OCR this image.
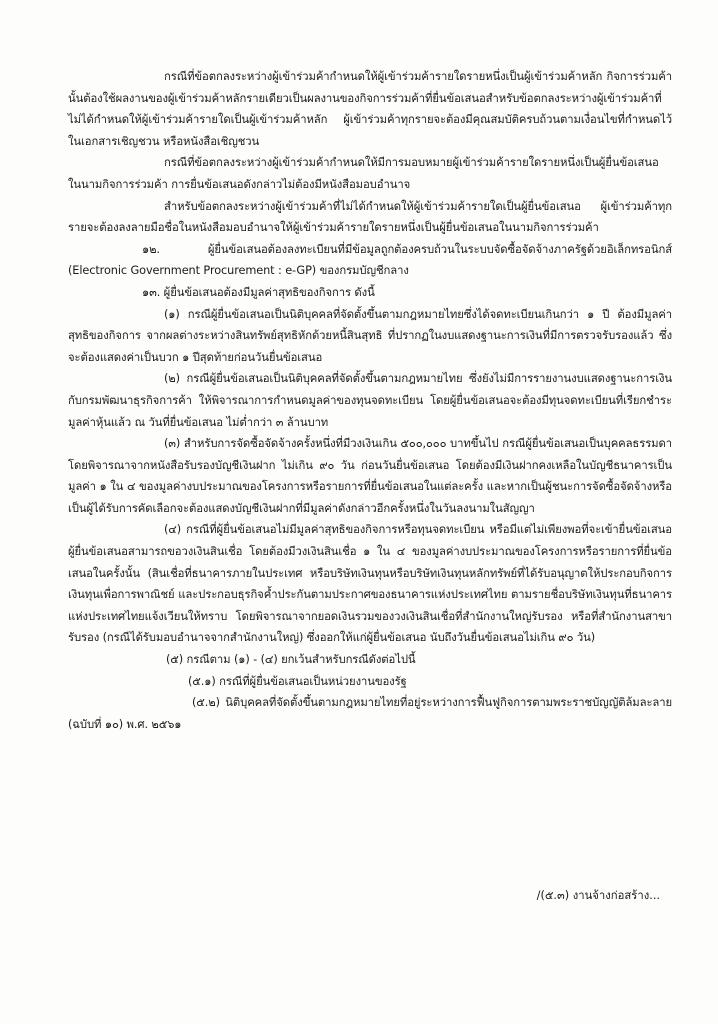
กรณีที่ข้อตกลงระหว่างผู้เข้าร่วมค้ากำหนดให้ผู้เข้าร่วมค้ารายใดรายหนึ่งเป็นผู้เข้าร่วมค้าหลัก กิจการร่วมค้านั้นต้องใช้ผลงานของผู้เข้าร่วมค้าหลักรายเดียวเป็นผลงานของกิจการร่วมค้าที่ยื่นข้อเสนอสำหรับข้อตกลงระหว่างผู้เข้าร่วมค้าที่ไม่ได้กำหนดให้ผู้เข้าร่วมค้ารายใดเป็นผู้เข้าร่วมค้าหลัก ผู้เข้าร่วมค้าทุกรายจะต้องมีคุณสมบัติครบถ้วนตามเงื่อนไขที่กำหนดไว้ในเอกสารเชิญชวน หรือหนังสือเชิญชวน

กรณีที่ข้อตกลงระหว่างผู้เข้าร่วมค้ากำหนดให้มีการมอบหมายผู้เข้าร่วมค้ารายใดรายหนึ่งเป็นผู้ยื่นข้อเสนอ ในนามกิจการร่วมค้า การยื่นข้อเสนอดังกล่าวไม่ต้องมีหนังสือมอบอำนาจ

สำหรับข้อตกลงระหว่างผู้เข้าร่วมค้าที่ไม่ได้กำหนดให้ผู้เข้าร่วมค้ารายใดเป็นผู้ยื่นข้อเสนอ ผู้เข้าร่วมค้าทุกรายจะต้องลงลายมือชื่อในหนังสือมอบอำนาจให้ผู้เข้าร่วมค้ารายใดรายหนึ่งเป็นผู้ยื่นข้อเสนอในนามกิจการร่วมค้า

๑๒. ผู้ยื่นข้อเสนอต้องลงทะเบียนที่มีข้อมูลถูกต้องครบถ้วนในระบบจัดซื้อจัดจ้างภาครัฐด้วยอิเล็กทรอนิกส์ (Electronic Government Procurement : e-GP) ของกรมบัญชีกลาง

๑๓. ผู้ยื่นข้อเสนอต้องมีมูลค่าสุทธิของกิจการ ดังนี้

(๑) กรณีผู้ยื่นข้อเสนอเป็นนิติบุคคลที่จัดตั้งขึ้นตามกฎหมายไทยซึ่งได้จดทะเบียนเกินกว่า ๑ ปี ต้องมีมูลค่าสุทธิของกิจการ จากผลต่างระหว่างสินทรัพย์สุทธิหักด้วยหนี้สินสุทธิ ที่ปรากฏในงบแสดงฐานะการเงินที่มีการตรวจรับรองแล้ว ซึ่งจะต้องแสดงค่าเป็นบวก ๑ ปีสุดท้ายก่อนวันยื่นข้อเสนอ

(๒) กรณีผู้ยื่นข้อเสนอเป็นนิติบุคคลที่จัดตั้งขึ้นตามกฎหมายไทย ซึ่งยังไม่มีการรายงานงบแสดงฐานะการเงินกับกรมพัฒนาธุรกิจการค้า ให้พิจารณาการกำหนดมูลค่าของทุนจดทะเบียน โดยผู้ยื่นข้อเสนอจะต้องมีทุนจดทะเบียนที่เรียกชำระมูลค่าหุ้นแล้ว ณ วันที่ยื่นข้อเสนอ ไม่ต่ำกว่า ๓ ล้านบาท

(๓) สำหรับการจัดซื้อจัดจ้างครั้งหนึ่งที่มีวงเงินเกิน ๕๐๐,๐๐๐ บาทขึ้นไป กรณีผู้ยื่นข้อเสนอเป็นบุคคลธรรมดา โดยพิจารณาจากหนังสือรับรองบัญชีเงินฝาก ไม่เกิน ๙๐ วัน ก่อนวันยื่นข้อเสนอ โดยต้องมีเงินฝากคงเหลือในบัญชีธนาคารเป็นมูลค่า ๑ ใน ๔ ของมูลค่างบประมาณของโครงการหรือรายการที่ยื่นข้อเสนอในแต่ละครั้ง และหากเป็นผู้ชนะการจัดซื้อจัดจ้างหรือเป็นผู้ได้รับการคัดเลือกจะต้องแสดงบัญชีเงินฝากที่มีมูลค่าดังกล่าวอีกครั้งหนึ่งในวันลงนามในสัญญา

(๔) กรณีที่ผู้ยื่นข้อเสนอไม่มีมูลค่าสุทธิของกิจการหรือทุนจดทะเบียน หรือมีแต่ไม่เพียงพอที่จะเข้ายื่นข้อเสนอ ผู้ยื่นข้อเสนอสามารถขอวงเงินสินเชื่อ โดยต้องมีวงเงินสินเชื่อ ๑ ใน ๔ ของมูลค่างบประมาณของโครงการหรือรายการที่ยื่นข้อเสนอในครั้งนั้น (สินเชื่อที่ธนาคารภายในประเทศ หรือบริษัทเงินทุนหรือบริษัทเงินทุนหลักทรัพย์ที่ได้รับอนุญาตให้ประกอบกิจการเงินทุนเพื่อการพาณิชย์ และประกอบธุรกิจค้ำประกันตามประกาศของธนาคารแห่งประเทศไทย ตามรายชื่อบริษัทเงินทุนที่ธนาคารแห่งประเทศไทยแจ้งเวียนให้ทราบ โดยพิจารณาจากยอดเงินรวมของวงเงินสินเชื่อที่สำนักงานใหญ่รับรอง หรือที่สำนักงานสาขารับรอง (กรณีได้รับมอบอำนาจจากสำนักงานใหญ่) ซึ่งออกให้แก่ผู้ยื่นข้อเสนอ นับถึงวันยื่นข้อเสนอไม่เกิน ๙๐ วัน)

(๕) กรณีตาม (๑) - (๔) ยกเว้นสำหรับกรณีดังต่อไปนี้

(๕.๑) กรณีที่ผู้ยื่นข้อเสนอเป็นหน่วยงานของรัฐ

(๕.๒) นิติบุคคลที่จัดตั้งขึ้นตามกฎหมายไทยที่อยู่ระหว่างการฟื้นฟูกิจการตามพระราชบัญญัติล้มละลาย (ฉบับที่ ๑๐) พ.ศ. ๒๕๖๑

/(๕.๓) งานจ้างก่อสร้าง...
